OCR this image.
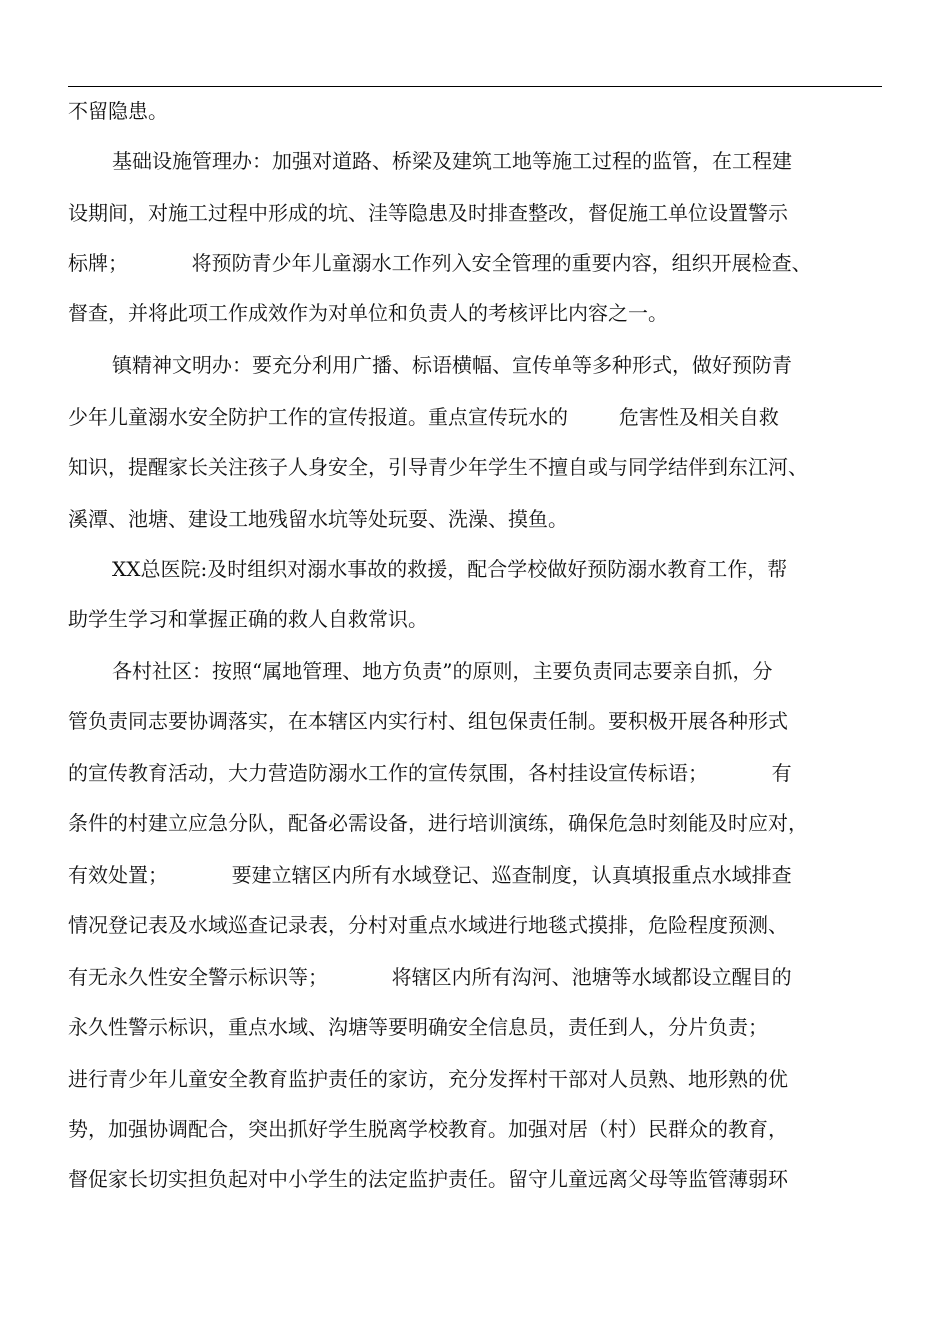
不留隐患。
基础设施管理办：加强对道路、桥梁及建筑工地等施工过程的监管，在工程建
设期间，对施工过程中形成的坑、洼等隐患及时排查整改，督促施工单位设置警示
标牌；          将预防青少年儿童溺水工作列入安全管理的重要内容，组织开展检查、
督查，并将此项工作成效作为对单位和负责人的考核评比内容之一。
镇精神文明办：要充分利用广播、标语横幅、宣传单等多种形式，做好预防青
少年儿童溺水安全防护工作的宣传报道。重点宣传玩水的        危害性及相关自救
知识，提醒家长关注孩子人身安全，引导青少年学生不擅自或与同学结伴到东江河、
溪潭、池塘、建设工地残留水坑等处玩耍、洗澡、摸鱼。
XX总医院:及时组织对溺水事故的救援，配合学校做好预防溺水教育工作，帮
助学生学习和掌握正确的救人自救常识。
各村社区：按照“属地管理、地方负责”的原则，主要负责同志要亲自抓，分
管负责同志要协调落实，在本辖区内实行村、组包保责任制。要积极开展各种形式
的宣传教育活动，大力营造防溺水工作的宣传氛围，各村挂设宣传标语；          有
条件的村建立应急分队，配备必需设备，进行培训演练，确保危急时刻能及时应对，
有效处置；          要建立辖区内所有水域登记、巡查制度，认真填报重点水域排查
情况登记表及水域巡查记录表，分村对重点水域进行地毯式摸排，危险程度预测、
有无永久性安全警示标识等；          将辖区内所有沟河、池塘等水域都设立醒目的
永久性警示标识，重点水域、沟塘等要明确安全信息员，责任到人，分片负责；
进行青少年儿童安全教育监护责任的家访，充分发挥村干部对人员熟、地形熟的优
势，加强协调配合，突出抓好学生脱离学校教育。加强对居（村）民群众的教育，
督促家长切实担负起对中小学生的法定监护责任。留守儿童远离父母等监管薄弱环
